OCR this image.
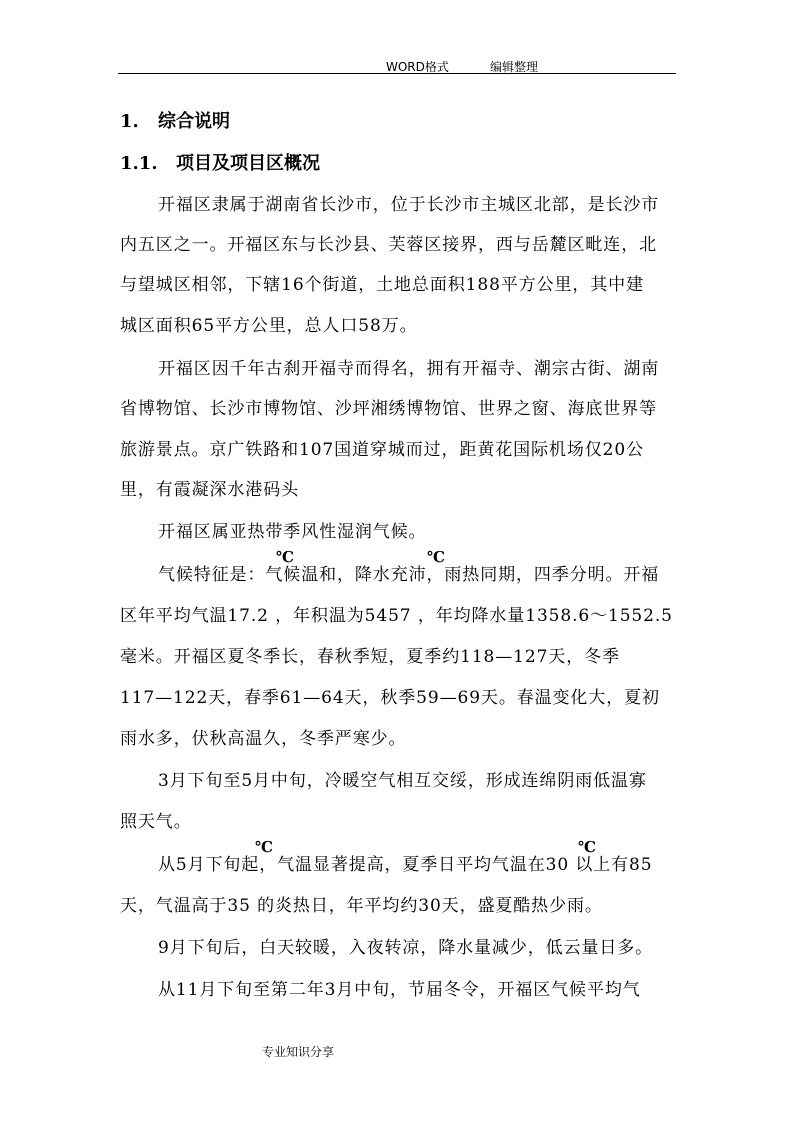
WORD格式	编辑整理
1. 综合说明
1.1. 项目及项目区概况
开福区隶属于湖南省长沙市，位于长沙市主城区北部，是长沙市
内五区之一。开福区东与长沙县、芙蓉区接界，西与岳麓区毗连，北
与望城区相邻，下辖16个街道，土地总面积188平方公里，其中建
城区面积65平方公里，总人口58万。
开福区因千年古刹开福寺而得名，拥有开福寺、潮宗古街、湖南
省博物馆、长沙市博物馆、沙坪湘绣博物馆、世界之窗、海底世界等
旅游景点。京广铁路和107国道穿城而过，距黄花国际机场仅20公
里，有霞凝深水港码头
开福区属亚热带季风性湿润气候。
气候特征是：气候温和，降水充沛，雨热同期，四季分明。开福
℃	℃
区年平均气温17.2 ，年积温为5457 ，年均降水量1358.6～1552.5
毫米。开福区夏冬季长，春秋季短，夏季约118—127天，冬季
117—122天，春季61—64天，秋季59—69天。春温变化大，夏初
雨水多，伏秋高温久，冬季严寒少。
3月下旬至5月中旬，冷暖空气相互交绥，形成连绵阴雨低温寡
照天气。
从5月下旬起，气温显著提高，夏季日平均气温在30 以上有85
℃	℃
天，气温高于35 的炎热日，年平均约30天，盛夏酷热少雨。
9月下旬后，白天较暖，入夜转凉，降水量减少，低云量日多。
从11月下旬至第二年3月中旬，节届冬令，开福区气候平均气
专业知识分享
